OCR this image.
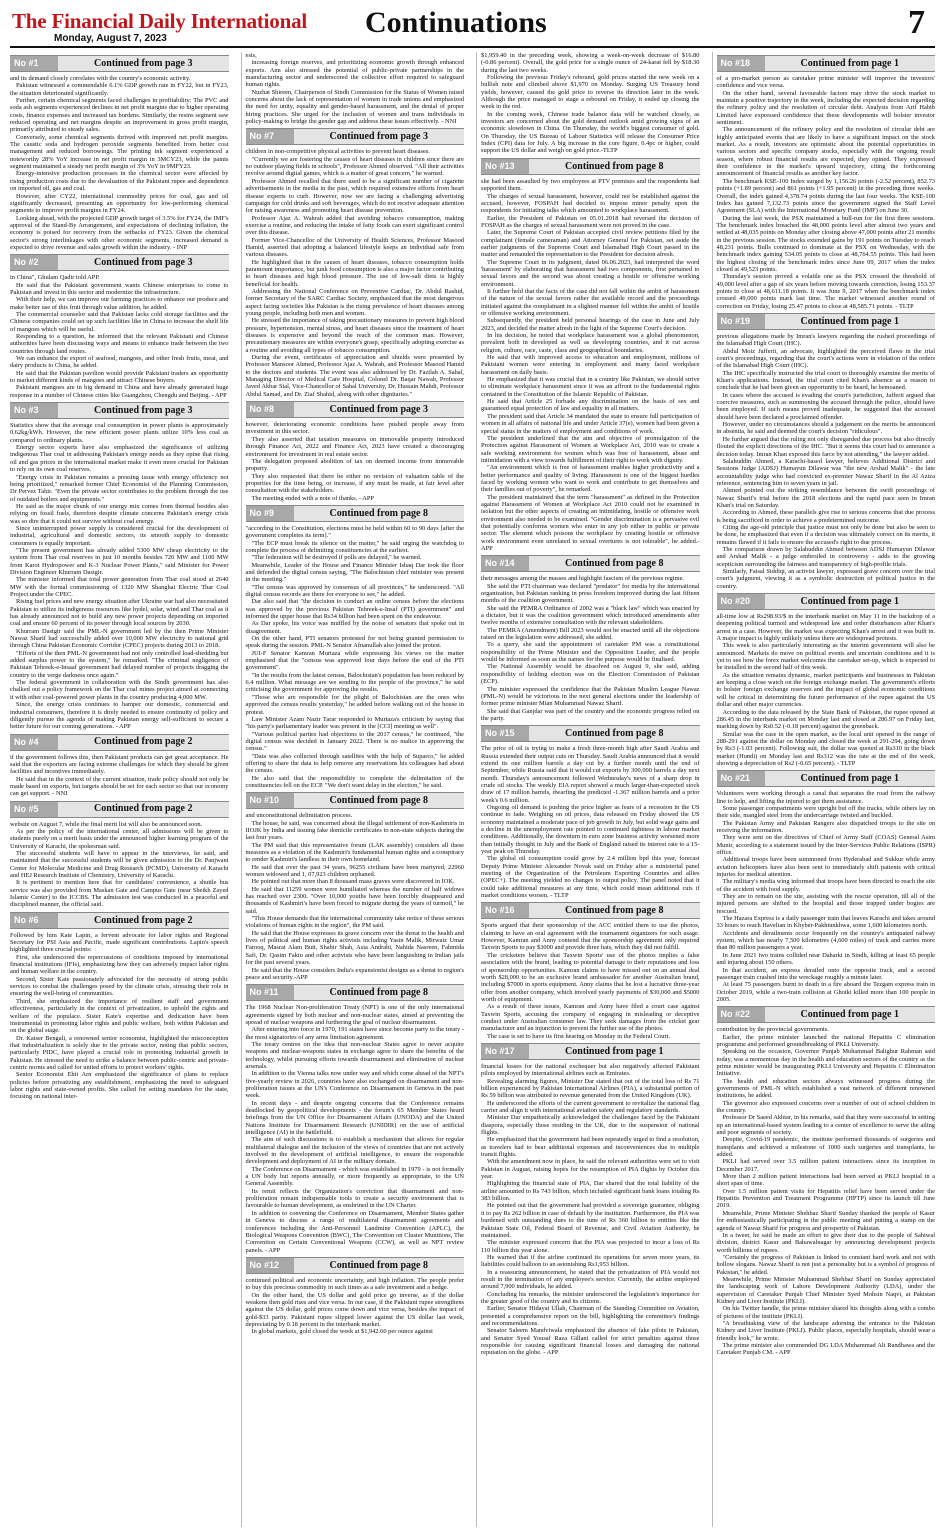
The Financial Daily International
Monday, August 7, 2023	Continuations	7
No #1	Continued from page 3

and its demand closely correlates with the country's economic activity.

Pakistan witnessed a commendable 6.1% GDP growth rate in FY22, but in FY23, the situation deteriorated significantly.

Further, certain chemical segments faced challenges in profitability: The PVC and soda ash segments experienced declines in net profit margins due to higher operating costs, finance expenses and increased tax burdens. Similarly, the resins segment saw reduced operating and net margins despite an improvement in gross profit margin, primarily attributed to steady sales.

Conversely, some chemical segments thrived with improved net profit margins. The caustic soda and hydrogen peroxide segments benefited from better cost management and reduced borrowings. The printing ink segment experienced a noteworthy 28% YoY increase in net profit margin in 3MCY23, while the paints segment maintained a steady net profit margin of 3% YoY in 9MFY23.

Energy-intensive production processes in the chemical sector were affected by rising production costs due to the devaluation of the Pakistani rupee and dependence on imported oil, gas and coal.

However, after CY22, international commodity prices for coal, gas and oil significantly decreased, presenting an opportunity for low-performing chemical segments to improve profit margins in FY24.

Looking ahead, with the projected GDP growth target of 3.5% for FY24, the IMF's approval of the Stand-By Arrangement, and expectations of declining inflation, the economy is poised for recovery from the setbacks of FY23. Given the chemical sector's strong interlinkages with other economic segments, increased demand is expected to drive revenue and sales growth within the industry. - INP

No #2	Continued from page 3

in China", Ghulam Qadir told APP.

He said that the Pakistani government wants Chinese enterprises to come to Pakistan and invest in this sector and modernize the infrastructure.

With their help, we can improve our farming practices to enhance our produce and make better use of this fruit through value addition, he added.

The commercial counselor said that Pakistan lacks cold storage facilities and the Chinese companies could set up such facilities like in China to increase the shelf life of mangoes which will be useful.

Responding to a question, he informed that the relevant Pakistani and Chinese authorities have been discussing ways and means to enhance trade between the two countries through land routes.

We can enhance the export of seafood, mangoes, and other fresh fruits, meat, and dairy products to China, he added.

He said that the Pakistan pavilion would provide Pakistani traders an opportunity to market different kinds of mangoes and attract Chinese buyers.

Pakistani mangoes are in big demand in China and have already generated huge response in a number of Chinese cities like Guangzhou, Chengdu and Beijing. - APP

No #3	Continued from page 3

Statistics show that the average coal consumption in power plants is approximately 0.62kg/kWh. However, the new efficient power plants utilize 10% less coal as compared to ordinary plants.

Energy sector experts have also emphasized the significance of utilizing indigenous Thar coal in addressing Pakistan's energy needs as they opine that rising oil and gas prices in the international market make it even more crucial for Pakistan to rely on its own coal reserves.

"Energy crisis in Pakistan remains a pressing issue with energy efficiency not being prioritized," remarked former Chief Economist of the Planning Commission, Dr Pervez Tahir. "Even the private sector contributes to the problem through the use of outdated boilers and equipments."

He said as the major chunk of our energy mix comes from thermal besides also relying on fossil fuels, therefore despite climate concerns Pakistan's energy crisis was so dire that it could not survive without coal energy.

Since uninterrupted power supply is considered crucial for the development of industrial, agricultural and domestic sectors, its smooth supply to domestic consumers is equally important.

"The present government has already added 5300 MW cheap electricity to the system from Thar coal reserves in just 10 months besides 720 MW and 1100 MW from Karot Hydropower and K-3 Nuclear Power Plants," said Minister for Power Division Engineer Khurram Dastgir.

The minister informed that total power generation from Thar coal stood at 2640 MW with the formal commissioning of 1320 MW Shanghai Electric Thar Coal Project under the CPEC.

Rising fuel prices and new energy situation after Ukraine war had also necessitated Pakistan to utilize its indigenous resources like hydel, solar, wind and Thar coal as it has already announced not to build any new power projects depending on imported coal and ensure 60 percent of its power through local sources by 2030.

Khurram Dastgir said the PML-N government led by the then Prime Minister Nawaz Sharif had successfully added over 10,000 MW electricity to national grid through China Pakistan Economic Corridor (CPEC) projects during 2013 to 2018.

"Efforts of the then PML-N government had not only controlled load-shedding but added surplus power to the system," he remarked. "The criminal negligence of Pakistan Tehreek-e-Insaaf government had delayed number of projects dragging the country to the verge darkness once again."

The federal government in collaboration with the Sindh government has also chalked out a policy framework on the Thar coal mines project aimed at connecting it with other coal-powered power plants in the country producing 4,000 MW.

Since, the energy crisis continues to hamper our domestic, commercial and industrial consumers, therefore it is direly needed to ensure continuity of policy and diligently pursue the agenda of making Pakistan energy self-sufficient to secure a better future for our coming generations. - APP

No #4	Continued from page 2

if the government follows this, then Pakistani products can get great acceptance. He said that the exporters are facing extreme challenges for which they should be given facilities and incentives immediately.

He said that in the context of the current situation, trade policy should not only be made based on exports, but targets should be set for each sector so that our economy can get support. - NNI

No #5	Continued from page 2

website on August 7, while the final merit list will also be announced soon.

As per the policy of the international center, all admissions will be given to students purely on a merit basis under the announced higher learning program of the University of Karachi, the spokesman said.

The successful students will have to appear in the interviews, he said, and maintained that the successful students will be given admission to the Dr. Panjwani Center for Molecular Medicine and Drug Research (PCMD), University of Karachi and HEJ Research Institute of Chemistry, University of Karachi.

It is pertinent to mention here that for candidates' convenience, a shuttle bus service was also provided from Maskan Gate and Campus Gate (near Sheikh Zayed Islamic Center) to the ICCBS. The admission test was conducted in a peaceful and disciplined manner, the official said.

No #6	Continued from page 2

Followed by him Kate Lapin, a fervent advocate for labor rights and Regional Secretary for PSI Asia and Pacific, made significant contributions. Lapin's speech highlighted three crucial points:

First, she underscored the repercussions of conditions imposed by international financial institutions (IFIs), emphasizing how they can adversely impact labor rights and human welfare in the country.

Second, Sister Kate passionately advocated for the necessity of strong public services to combat the challenges posed by the climate crisis, stressing their role in ensuring the well-being of communities.

Third, she emphasized the importance of resilient staff and government effectiveness, particularly in the context of privatization, to uphold the rights and welfare of the populace. Sister Kate's expertise and dedication have been instrumental in promoting labor rights and public welfare, both within Pakistan and on the global stage.

Dr. Kaiser Bengali, a renowned senior economist, highlighted the misconception that industrialization is solely due to the private sector, noting that public sectors, particularly PIDC, have played a crucial role in promoting industrial growth in Pakistan. He stressed the need to strike a balance between public-centric and private-centric norms and called for united efforts to protect workers' rights.

Senior Economist Ehti Arn emphasized the significance of plans to replace policies before privatizing any establishment, emphasizing the need to safeguard labor rights and state-owned profits. She called for setting mandates for the state, focusing on national inter-

ests,

increasing foreign reserves, and prioritizing economic growth through enhanced exports. Ann also stressed the potential of public-private partnerships in the manufacturing sector and underscored the collective effort required to safeguard human rights.

Nuzhat Shireen, Chairperson of Sindh Commission for the Status of Women raised concerns about the lack of representation of women in trade unions and emphasized the need for unity, equality and gender-based harassment, and the denial of proper hiring practices. She urged for the inclusion of women and trans individuals in policy-making to bridge the gender gap and address these issues effectively. - NNI

No #7	Continued from page 3

children in non-competitive physical activities to prevent heart diseases.

"Currently we are fostering the causes of heart diseases in children since there are no outdoor playing fields in schools", Professor Ahmed observed. "All their activities revolve around digital games, which is a matter of great concern," he warned.

Professor Ahmed recalled that there used to be a significant number of cigarette advertisements in the media in the past, which required extensive efforts from heart disease experts to curb. However, now we are facing a challenging advertising campaign for cold drinks and soft beverages, which do not receive adequate attention for raising awareness and promoting heart disease prevention.

Professor Ajaz A. Wahrah added that avoiding tobacco consumption, making exercise a routine, and reducing the intake of fatty foods can exert significant control over this disease.

Former Vice-Chancellor of the University of Health Sciences, Professor Masood Hamid, asserted that adopting a balanced lifestyle keeps an individual safe from various diseases.

He highlighted that in the causes of heart diseases, tobacco consumption holds paramount importance, but junk food consumption is also a major factor contributing to heart diseases and high blood pressure. The use of low-salt diets is highly beneficial for health.

Addressing the National Conference on Preventive Cardiac, Dr. Abdul Rashid, former Secretary of the SARC Cardiac Society, emphasized that the most dangerous aspect facing societies like Pakistan is the rising prevalence of heart diseases among young people, including both men and women.

He stressed the importance of taking precautionary measures to prevent high blood pressure, hypertension, mental stress, and heart diseases since the treatment of heart diseases is expensive and beyond the reach of the common man. However, precautionary measures are within everyone's grasp, specifically adopting exercise as a routine and avoiding all types of tobacco consumption.

During the event, certificates of appreciation and shields were presented by Professor Mansoor Ahmed, Professor Ajaz A. Wahrah, and Professor Masood Hamid to the doctors and students. The event was also addressed by Dr. Fazilah A. Sahal, Managing Director of Medical Care Hospital, Colonel Dr. Baqar Nawab, Professor Javed Akbar Sial, Vice-Chancellor of Sahal University, Dr. Hussain Mahdi, Professor Abdul Samad, and Dr. Ziaf Shahid, along with other dignitaries."

No #8	Continued from page 3

however, deteriorating economic conditions have pushed people away from investment in this sector.

They also asserted that taxation measures on immovable property introduced through Finance Act, 2022 and Finance Act, 2023 have created a discouraging environment for investment in real estate sector.

The delegation proposed abolition of tax on deemed income from immovable property.

They also requested that there be either no revision of valuation table of the properties for the time being, or increase, if any must be made, at fair level after consultation with the stakeholders.

The meeting ended with a note of thanks. - APP

No #9	Continued from page 8

"according to the Constitution, elections must be held within 60 to 90 days [after the government completes its term]."

"The ECP must break its silence on the matter," he said urging the watchdog to complete the process of delimiting constituencies at the earliest.

"The federation will be destroyed if polls are delayed," he warned.

Meanwhile, Leader of the House and Finance Minister Ishaq Dar took the floor and defended the digital census saying, "The Balochistan chief minister was present in the meeting."

"The census was approved by consensus of all provinces," he underscored. "All digital census records are there for everyone to see," he added.

Dar also said that "the decision to conduct an online census before the elections was approved by the previous Pakistan Tehreek-e-Insaf (PTI) government" and informed the upper house that Rs34 billion had been spent on the endeavour.

As Dar spoke, his voice was muffled by the noise of senators that spoke out in disagreement.

On the other hand, PTI senators protested for not being granted permission to speak during the session. PML-N Senator Afnanullah also joined the protest.

JUI-F Senator Kamran Murtaza while expressing his views on the matter emphasised that the "census was approved four days before the end of the PTI government".

"In the results from the latest census, Balochistan's population has been reduced by 6.4 million. What message are we sending to the people of the province," he said criticising the government for approving the results.

"Those who are responsible for the plight of Balochistan are the ones who approved the census results yesterday," he added before walking out of the house in protest.

Law Minister Azam Nazir Tarar responded to Murtaza's criticism by saying that "his party's parliamentary leader was present in the [CCI] meeting as well".

"Various political parties had objections to the 2017 census," he continued, "the digital census was decided in January 2022. There is no malice in approving the census."

"Data was also collected through satellites with the help of Suparco," he added offering to share the data to help remove any reservations his colleagues had about the census.

He also said that the responsibility to complete the delimitation of the constituencies fell on the ECP. "We don't want delay in the election," he said.

No #10	Continued from page 8

and unconstitutional delimitation process.

The house, he said, was concerned about the illegal settlement of non-Kashmiris in IIOJK by India and issuing fake domicile certificates to non-state subjects during the last four years.

The PM said that this representative forum (LAK assembly) considers all these measures as a violation of the Kashmiri's fundamental human rights and a conspiracy to render Kashmiri's landless in their own homeland.

He said that over the past 34 years, 96255 civilians have been martyred, 22960 women widowed and 1, 07,923 children orphaned.

He pointed out that more than 8 thousand mass graves were discovered in IOK.

He said that 11259 women were humiliated whereas the number of half widows has reached over 2300. "Over 10,000 youths have been forcibly disappeared and thousands of Kashmiri's have been forced to migrate during the years of turmoil," he said.

"This House demands that the international community take notice of these serious violations of human rights in the region", the PM said.

He said that the House expresses its grave concern over the threat to the health and lives of political and human rights activists including Yasin Malik, Mirwaiz Umar Farooq, Masrat Alam Butt, Shabir Shah, Asia Andrabi, Nahida Nasreen, Fahmida Safi, Dr. Qasim Fakto and other activists who have been languishing in Indian jails for the past several years.

He said that the House considers India's expansionist designs as a threat to region's peace and security.-APP

No #11	Continued from page 8

The 1968 Nuclear Non-proliferation Treaty (NPT) is one of the only international agreements signed by both nuclear and non-nuclear states, aimed at preventing the spread of nuclear weapons and furthering the goal of nuclear disarmament.

After entering into force in 1970, 191 states have since become party to the treaty - the most signatories of any arms limitation agreement.

The treaty centres on the idea that non-nuclear States agree to never acquire weapons and nuclear-weapons states in exchange agree to share the benefits of the technology, whilst pursuing efforts towards disarmament and elimination of nuclear arsenals.

In addition to the Vienna talks now under way and which come ahead of the NPT's five-yearly review in 2026, countries have also exchanged on disarmament and non-proliferation issues at the UN's Conference on Disarmament in Geneva in the past week.

In recent days - and despite ongoing concerns that the Conference remains deadlocked by geopolitical developments - the forum's 65 Member States heard briefings from the UN Office for Disarmament Affairs (UNODA) and the United Nations Institute for Disarmament Research (UNIDIR) on the use of artificial intelligence (AI) in the battlefield.

The aim of such discussions is to establish a mechanism that allows for regular multilateral dialogue and the inclusion of the views of countries that are not actively involved in the development of artificial intelligence, to ensure the responsible development and deployment of AI in the military domain.

The Conference on Disarmament - which was established in 1979 - is not formally a UN body but reports annually, or more frequently as appropriate, to the UN General Assembly.

Its remit reflects the Organization's conviction that disarmament and non-proliferation remain indispensable tools to create a security environment that is favourable to human development, as enshrined in the UN Charter.

In addition to convening the Conference on Disarmament, Member States gather in Geneva to discuss a range of multilateral disarmament agreements and conferences including the Anti-Personnel Landmine Convention (APLC), the Biological Weapons Convention (BWC), The Convention on Cluster Munitions, The Convention on Certain Conventional Weapons (CCW), as well as NPT review panels. - APP

No #12	Continued from page 8

continued political and economic uncertainty, and high inflation. The people prefer to buy this precious commodity in such times as a safe investment and a hedge.

On the other hand, the US dollar and gold price go inverse, as if the dollar weakens then gold rises and vice versa. In our case, if the Pakistani rupee strengthens against the US dollar, gold prices come down and vice versa, besides the impact of gold-$33 parity. Pakistani rupee slipped lower against the US dollar last week, depreciating by 0.18 percent in the interbank market.

In global markets, gold closed the week at $1,942.60 per ounce against

$1,959.40 in the preceding week, showing a week-on-week decrease of $16.80 (-0.86 percent). Overall, the gold price for a single ounce of 24-karat fell by $18.30 during the last two weeks.

Following the previous Friday's rebound, gold prices started the new week on a bullish note and climbed above $1,970 on Monday. Surging US Treasury bond yields, however, caused the gold price to reverse its direction later in the week. Although the price managed to stage a rebound on Friday, it ended up closing the week in the red.

In the coming week, Chinese trade balance data will be watched closely, as investors are concerned about the gold demand outlook amid growing signs of an economic slowdown in China. On Thursday, the world's biggest consumer of gold. On Thursday, the US Bureau of Labour Statistics will release the Consumer Price Index (CPI) data for July. A big increase in the core figure, 0.4pc or higher, could support the US dollar and weigh on gold price.-TLTP

No #13	Continued from page 8

she had been assaulted by two employees at PTV premises and the respondents had supported them.

The charges of sexual harassment, however, could not be established against the accused, however, FOSPAH had decided to impose minor penalty upon the respondents for initiating talks which amounted to workplace harassment.

Earlier, the President of Pakistan on 05.01.2018 had reversed the decision of FOSPAH as the charges of sexual harassment were not proved in the case.

Later, the Supreme Court of Pakistan accepted civil review petitions filed by the complainant (female cameraman) and Attorney General for Pakistan, set aside the earlier judgments of the Supreme Court and Islamabad High Court passed in the matter and remanded the representation to the President for decision afresh.

The Supreme Court in its judgment, dated 06.06.2023, had interpreted the word 'harassment' by elaborating that harassment had two components, first pertained to sexual favors and the second was about creating a hostile or offensive working environment.

It further held that the facts of the case did not fall within the ambit of harassment of the nature of the sexual favors rather the available record and the proceedings initiated against the complainant in a slighted manner fell within the ambit of hostile or offensive working environment.

Subsequently, the president held personal hearings of the case in June and July 2023, and decided the matter afresh in the light of the Supreme Court's decision.

In his decision, he noted that workplace harassment was a global phenomenon, prevalent both in developed as well as developing countries, and it cut across religion, culture, race, caste, class and geographical boundaries.

He said that with improved access to education and employment, millions of Pakistani women were entering in employment and many faced workplace harassment on daily basis.

He emphasized that it was crucial that in a country like Pakistan, we should strive to eliminate workplace harassment since it was an affront to the fundamental rights contained in the Constitution of the Islamic Republic of Pakistan.

He said that Article 25 forbade any discrimination on the basis of sex and guaranteed equal protection of law and equality in all matters.

The president said that Article 34 mandated the state to ensure full participation of women in all affairs of national life and under Article 37(e), women had been given a special status in the matters of employment and conditions of work.

The president underlined that the aim and objective of promulgation of the Protection against Harassment of Women at Workplace Act, 2010 was to create a safe working environment for women which was free of harassment, abuse and intimidation with a view towards fulfillment of their right to work with dignity.

"An environment which is free of harassment enables higher productivity and a better performance and quality of living. Harassment is one of the biggest hurdles faced by working women who want to work and contribute to get themselves and their families out of poverty", he remarked.

The president maintained that the term "harassment" as defined in the Protection against Harassment of Women at Workplace Act 2010 could not be examined in isolation but the other aspects of creating an intimidating, hostile or offensive work environment also needed to be examined. "Gender discrimination is a pervasive evil that potentially conforms women who enter in any job either in public or private sector. The element which poisons the workplace by creating hostile or offensive work environment even unrelated to sexual overtures is not tolerable", he added.- APP

No #14	Continued from page 8

their messages among the masses and highlight fascism of the previous regime.

She said the PTI chairman was declared "predator" for media by the international organization, but Pakistan ranking in press freedom improved during the last fifteen months of the coalition government.

She said the PEMRA Ordinance of 2002 was a "black law" which was enacted by a dictator, but it was the coalition government which introduced amendments after twelve months of extensive consultation with the relevant stakeholders.

The PEMRA (Amendment) Bill 2023 would not be enacted until all the objections raised on the legislation were addressed, she added.

To a query, she said the appointment of caretaker PM was a constitutional responsibility of the Prime Minister and the Opposition Leader, and the people would be informed as soon as the names for the purpose would be finalised.

The National Assembly would be dissolved on August 9, she said, adding responsibility of holding election was on the Election Commission of Pakistan (ECP).

The minister expressed the confidence that the Pakistan Muslim League Nawaz (PML-N) would be victorious in the next general elections under the leadership of former prime minister Mian Muhammad Nawaz Sharif.

She said that Ganjdar was part of the country and the economic progress relied on the party.

No #15	Continued from page 8

The price of oil is trying to make a fresh three-month high after Saudi Arabia and Russia extended their output cuts on Thursday. Saudi Arabia announced that it would extend its one million barrels a day cut by a further month until the end of September, while Russia said that it would cut exports by 300,000 barrels a day next month. Thursday's announcement followed Wednesday's news of a sharp drop in crude oil stocks. The weekly EIA report showed a much larger-than-expected stock draw of 17 million barrels, dwarfing the predicted -1.367 million barrels and a prior week's 0.6 million.

Ongoing oil demand is pushing the price higher as fears of a recession in the US continue to fade. Weighing on oil prices, data released on Friday showed the US economy maintained a moderate pace of job growth in July, but solid wage gains and a decline in the unemployment rate pointed to continued tightness in labour market conditions. Additionally, the downturn in euro zone business activity worsened more than initially thought in July and the Bank of England raised its interest rate to a 15-year peak on Thursday.

The global oil consumption could grow by 2.4 million bpd this year, forecast Deputy Prime Minister Alexander Novak said on Friday after a ministerial panel meeting of the Organization of the Petroleum Exporting Countries and allies (OPEC+). The meeting yielded no changes to output policy. The panel noted that it could take additional measures at any time, which could mean additional cuts if market conditions worsen. - TLTP

No #16	Continued from page 8

Sports argued that their sponsorship of the ACC entitled them to use the photos, claiming to have an oral agreement with the tournament organizers for such usage. However, Kamran and Anny contend that the sponsorship agreement only required Taxwin Sports to pay $3000 and provide three hats, which they did not fulfill.

The cricketers believe that Taxwin Sports' use of the photos implies a false association with the brand, leading to potential damage to their reputations and loss of sponsorship opportunities. Kamran claims to have missed out on an annual deal worth $28,000 to be an exclusive brand ambassador for another Australian brand, including $7000 in sports equipment. Anny claims that he lost a lucrative three-year offer from another company, which involved yearly payments of $30,000 and $5000 worth of equipment.

As a result of these issues, Kamran and Anny have filed a court case against Taxwin Sports, accusing the company of engaging in misleading or deceptive conduct under Australian consumer law. They seek damages from the cricket gear manufacturer and an injunction to prevent the further use of the photos.

The case is set to have its first hearing on Monday in the Federal Court.

No #17	Continued from page 1

financial losses for the national exchequer but also negatively affected Pakistani pilots employed by international airlines such as Emirates.

Revealing alarming figures, Minister Dar stated that out of the total loss of Rs 71 billion experienced by Pakistan International Airlines (PIA), a substantial portion of Rs 59 billion was attributed to revenue generated from the United Kingdom (UK).

He underscored the efforts of the current government to revitalize the national flag carrier and align it with international aviation safety and regulatory standards.

Minister Dar empathetically acknowledged the challenges faced by the Pakistani diaspora, especially those residing in the UK, due to the suspension of national flights.

He emphasized that the government had been repeatedly urged to find a resolution, as travelers had to bear additional expenses and inconveniences due to multiple transit flights.

With the amendment now in place, he said the relevant authorities were set to visit Pakistan in August, raising hopes for the resumption of PIA flights by October this year.

Highlighting the financial state of PIA, Dar shared that the total liability of the airline amounted to Rs 743 billion, which included significant bank loans totaling Rs 383 billion.

He pointed out that the government had provided a sovereign guarantee, obliging it to pay Rs 262 billion in case of default by the institution. Furthermore, the PIA was burdened with outstanding dues to the tune of Rs 360 billion to entities like the Pakistan State Oil, Federal Board of Revenue, and Civil Aviation Authority, he maintained.

The minister expressed concern that the PIA was projected to incur a loss of Rs 110 billion this year alone.

He warned that if the airline continued its operations for seven more years, its liabilities could balloon to an astonishing Rs1,953 billion.

In a reassuring announcement, he stated that the privatization of PIA would not result in the termination of any employee's service. Currently, the airline employed around 7,900 individuals, he added.

Concluding his remarks, the minister underscored the legislation's importance for the greater good of the country and its citizens.

Earlier, Senator Hidayat Ullah, Chairman of the Standing Committee on Aviation, presented a comprehensive report on the bill, highlighting the committee's findings and recommendations.

Senator Saleem Mandviwala emphasized the absence of fake pilots in Pakistan, and Senator Syed Yousaf Raza Gillani called for strict penalties against those responsible for causing significant financial losses and damaging the national reputation on the globe. - APP

No #18	Continued from page 1

of a pro-market person as caretaker prime minister will improve the investors' confidence and vice versa.

On the other hand, several favourable factors may drive the stock market to maintain a positive trajectory in the week, including the expected decision regarding the refinery policy and the resolution of circular debt. Analysts from Arif Habib Limited have expressed confidence that these developments will bolster investor sentiment.

The announcement of the refinery policy and the resolution of circular debt are highly anticipated events that are likely to have a significant impact on the stock market. As a result, investors are optimistic about the potential opportunities in various sectors and specific company stocks, especially with the ongoing result season, where robust financial results are expected, they opined. They expressed their confidence in the market's upward trajectory, citing the forthcoming announcement of financial results as another key factor.

The benchmark KSE-100 Index surged by 1,156.26 points (-2.52 percent), 852.73 points (+1.89 percent) and 861 points (+1.95 percent) in the preceding three weeks. Overall, the index gained 4,378.74 points during the last four weeks. The KSE-100 Index has gained 7,132.73 points since the government signed the Staff Level Agreement (SLA) with the International Monetary Fund (IMF) on June 30.

During the last week, the PSX maintained a bull-run for the first three sessions. The benchmark index breached the 48,000 points level after almost two years and settled at 48,035 points on Monday after closing above 47,000 points after 21 months in the previous session. The stocks extended gains by 191 points on Tuesday to reach 48,231 points. Bulls continued to dominate at the PSX on Wednesday, with the benchmark index gaining 534.05 points to close at 48,764.55 points. This had been the highest closing of the benchmark index since June 09, 2017 when the index closed at 49,523 points.

Thursday's session proved a volatile one as the PSX crossed the threshold of 49,000 level after a gap of six years before moving towards correction, losing 153.37 points to close at 48,611.18 points. It was June 9, 2017 when the benchmark index crossed 49,000 points mark last time. The market witnessed another round of correction on Friday, losing 25.47 points to close at 48,585.71 points. - TLTP

No #19	Continued from page 1

previous allegations made by Imran's lawyers regarding the rushed proceedings of the Islamabad High Court (IHC).

Abdul Moiz Jafferii, an advocate, highlighted the perceived flaws in the trial court's proceedings, regarding that the court's actions were in violation of the orders of the Islamabad High Court (IHC).

The IHC specifically instructed the trial court to thoroughly examine the merits of Khan's applications. Instead, the trial court cited Khan's absence as a reason to conclude that he had been given an opportunity to be heard, he bemoaned.

In cases where the accused is evading the court's jurisdiction, Jafferii argued that coercive measures, such as summoning the accused through the police, should have been employed. If such means proved inadequate, he suggested that the accused should have been declared a proclaimed offender.

However, under no circumstances should a judgement on the merits be announced in absentia, he said and deemed the court's decision "ridiculous".

He further argued that the ruling not only disregarded due process but also directly flouted the explicit directions of the IHC. "But it seems this court had to announce a decision today. Imran Khan exposed this farce by not attending," the lawyer added.

Salahuddin Ahmed, a Karachi-based lawyer, believes Additional District and Sessions Judge (ADSJ) Humayun Dilawar was "the new Arshad Malik" - the late accountability judge who had convicted ex-premier Nawaz Sharif in the Al Aziza reference, sentencing him to seven years in jail.

Ahmed pointed out the striking resemblance between the swift proceedings of Nawaz Sharif's trial before the 2018 elections and the rapid pace seen in Imran Khan's trial on Saturday.

According to Ahmed, these parallels give rise to serious concerns that due process is being sacrificed in order to achieve a predetermined outcome.

Citing the age-old principle that justice must not only be done but also be seen to be done, he emphasized that even if a decision was ultimately correct on its merits, it remains flawed if it fails to ensure the accused's right to due process.

The comparison drawn by Salahuddin Ahmed between ADSJ Humayun Dilawar and Arshad Malik - a judge embroiled in controversy - adds to the growing scepticism surrounding the fairness and transparency of high-profile trials.

Similarly, Faisal Siddiqi, an activist lawyer, expressed grave concern over the trial court's judgment, viewing it as a symbolic destruction of political justice in the country.

No #20	Continued from page 1

all-time low at Rs298.93/$ in the interbank market on May 11 in the backdrop of a deepening political turmoil and widespread law and order disturbances after Khan's arrest in a case. However, the market was expecting Khan's arrest and it was built in. A major impact is highly unlikely unless there are widespread protests.

This week is also particularly interesting as the interim government will also be announced. Markets do move on political events and uncertain conditions and it is yet to see how the forex market welcomes the caretaker set-up, which is expected to be installed in the second half of this week.

As the situation remains dynamic, market participants and businesses in Pakistan are keeping a close watch on the foreign exchange market. The government's efforts to bolster foreign exchange reserves and the impact of global economic conditions will be critical in determining the future performance of the rupee against the US dollar and other major currencies.

According to the data released by the State Bank of Pakistan, the rupee opened at 286.45 in the interbank market on Monday last and closed at 286.97 on Friday last, marking down by Rs0.52 (-0.18 percent) against the greenback.

Similar was the case in the open market, as the local unit opened in the range of 288-291 against the dollar on Monday and closed the week at 291-294, going down by Rs3 (-1.03 percent). Following suit, the dollar was quoted at Rs310 in the black market (Hundi) on Monday last and Rs312 was the rate at the end of the week, showing a depreciation of Rs2 (-0.65 percent). - TLTP

No #21	Continued from page 1

Volunteers were working through a canal that separates the road from the railway line to help, and lifting the injured to get them assistance.

Some passenger compartments were upright but off the tracks, while others lay on their side, mangled steel from the undercarriage twisted and buckled.

The Pakistan Army and Pakistan Rangers also dispatched troops to the site on receiving the information.

They were sent on the directives of Chief of Army Staff (COAS) General Asim Munir, according to a statement issued by the Inter-Services Public Relations (ISPR) office.

Additional troops have been summoned from Hyderabad and Sukkur while army aviation helicopters have also been sent to immediately shift patients with critical injuries for medical attention.

The military's media wing informed that troops have been directed to reach the site of the accident with food supply.

They are to remain on the site, assisting with the rescue operation, till all of the injured persons are shifted to the hospital and those trapped under bogies are rescued.

The Hazara Express is a daily passenger train that leaves Karachi and takes around 33 hours to reach Havelian in Khyber-Pakhtunkhwa, some 1,600 kilometres north.

Accidents and derailments occur frequently on the country's antiquated railway system, which has nearly 7,500 kilometres (4,600 miles) of track and carries more than 80 million passengers a year.

In June 2021 two trains collided near Daharki in Sindh, killing at least 65 people and injuring about 150 others.

In that accident, an express derailed onto the opposite track, and a second passenger train crashed into the wreckage roughly a minute later.

At least 75 passengers burnt to death in a fire aboard the Tezgam express train in October 2019, while a two-train collision at Ghotki killed more than 100 people in 2005.

No #22	Continued from page 1

contribution by the provincial governments.

Earlier, the prime minister launched the national Hepatitis C elimination programme and performed groundbreaking of PKLI University.

Speaking on the occasion, Governor Punjab Muhammad Balighur Rahman said today, was a momentous day in the health and education sectors of the country as the prime minister would be inaugurating PKLI University and Hepatitis C Elimination Initiative.

The health and education sectors always witnessed progress during the governments of PML-N which established a vast network of different renowned institutions, he added.

The governor also expressed concerns over a number of out of school children in the country.

Professor Dr Saeed Akhtar, in his remarks, said that they were successful in setting up an international-based system leading to a center of excellence to serve the ailing and poor segments of society.

Despite, Covid-19 pandemic, the institute performed thousands of surgeries and transplants and achieved a milestone of 1000 such surgeries and transplants, he added.

PKLI had served over 3.5 million patient interactions since its inception in December 2017.

More than 2 million patient interactions had been served at PKLI hospital in a short span of time.

Over 1.5 million patient visits for Hepatitis relief have been served under the Hepatitis Prevention and Treatment Programme (HPTP) since its launch till June 2019.

Meanwhile, Prime Minister Shehbaz Sharif Sunday thanked the people of Kasur for enthusiastically participating in the public meeting and putting a stamp on the agenda of Nawaz Sharif for progress and prosperity of Pakistan.

In a tweet, he said he made an effort to give their due to the people of Sahiwal division, district Kasur and Bahawalnagar by announcing development projects worth billions of rupees.

"Certainly the progress of Pakistan is linked to constant hard work and not with hollow slogans. Nawaz Sharif is not just a personality but is a symbol of progress of Pakistan," he added.

Meanwhile, Prime Minister Muhammad Shehbaz Sharif on Sunday appreciated the landscaping work of Lahore Development Authority (LDA), under the supervision of Caretaker Punjab Chief Minister Syed Mohsin Naqvi, at Pakistan Kidney and Liver Institute (PKLI).

On his Twitter handle, the prime minister shared his thoughts along with a combo of pictures of the institute (PKLI).

"A breathtaking view of the landscape adorning the entrance to the Pakistan Kidney and Liver Institute (PKLI). Public places, especially hospitals, should wear a friendly look," he wrote.

The prime minister also commended DG LDA Muhammad Ali Randhawa and the Caretaker Punjab CM. - APP
